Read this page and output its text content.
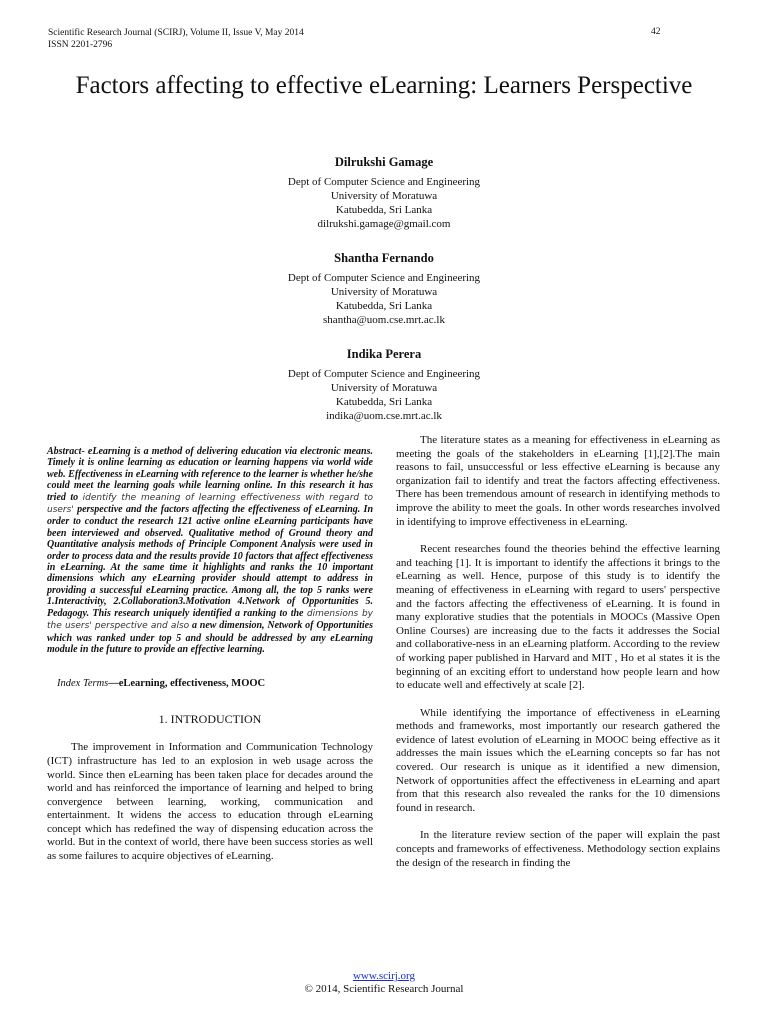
Scientific Research Journal (SCIRJ), Volume II, Issue V, May 2014
ISSN 2201-2796
42
Factors affecting to effective eLearning: Learners Perspective
Dilrukshi Gamage
Dept of Computer Science and Engineering
University of Moratuwa
Katubedda, Sri Lanka
dilrukshi.gamage@gmail.com
Shantha Fernando
Dept of Computer Science and Engineering
University of Moratuwa
Katubedda, Sri Lanka
shantha@uom.cse.mrt.ac.lk
Indika Perera
Dept of Computer Science and Engineering
University of Moratuwa
Katubedda, Sri Lanka
indika@uom.cse.mrt.ac.lk

Abstract- eLearning is a method of delivering education via electronic means. Timely it is online learning as education or learning happens via world wide web. Effectiveness in eLearning with reference to the learner is whether he/she could meet the learning goals while learning online. In this research it has tried to identify the meaning of learning effectiveness with regard to users' perspective and the factors affecting the effectiveness of eLearning. In order to conduct the research 121 active online eLearning participants have been interviewed and observed. Qualitative method of Ground theory and Quantitative analysis methods of Principle Component Analysis were used in order to process data and the results provide 10 factors that affect effectiveness in eLearning. At the same time it highlights and ranks the 10 important dimensions which any eLearning provider should attempt to address in providing a successful eLearning practice. Among all, the top 5 ranks were 1.Interactivity, 2.Collaboration3.Motivation 4.Network of Opportunities 5. Pedagogy. This research uniquely identified a ranking to the dimensions by the users' perspective and also a new dimension, Network of Opportunities which was ranked under top 5 and should be addressed by any eLearning module in the future to provide an effective learning.

Index Terms—eLearning, effectiveness, MOOC
1. INTRODUCTION

The improvement in Information and Communication Technology (ICT) infrastructure has led to an explosion in web usage across the world. Since then eLearning has been taken place for decades around the world and has reinforced the importance of learning and helped to bring convergence between learning, working, communication and entertainment. It widens the access to education through eLearning concept which has redefined the way of dispensing education across the world. But in the context of world, there have been success stories as well as some failures to acquire objectives of eLearning.

The literature states as a meaning for effectiveness in eLearning as meeting the goals of the stakeholders in eLearning [1],[2].The main reasons to fail, unsuccessful or less effective eLearning is because any organization fail to identify and treat the factors affecting effectiveness. There has been tremendous amount of research in identifying methods to improve the ability to meet the goals. In other words researches involved in identifying to improve effectiveness in eLearning.

Recent researches found the theories behind the effective learning and teaching [1]. It is important to identify the affections it brings to the eLearning as well. Hence, purpose of this study is to identify the meaning of effectiveness in eLearning with regard to users' perspective and the factors affecting the effectiveness of eLearning. It is found in many explorative studies that the potentials in MOOCs (Massive Open Online Courses) are increasing due to the facts it addresses the Social and collaborative-ness in an eLearning platform. According to the review of working paper published in Harvard and MIT , Ho et al states it is the beginning of an exciting effort to understand how people learn and how to educate well and effectively at scale [2].

While identifying the importance of effectiveness in eLearning methods and frameworks, most importantly our research gathered the evidence of latest evolution of eLearning in MOOC being effective as it addresses the main issues which the eLearning concepts so far has not covered. Our research is unique as it identified a new dimension, Network of opportunities affect the effectiveness in eLearning and apart from that this research also revealed the ranks for the 10 dimensions found in research.

In the literature review section of the paper will explain the past concepts and frameworks of effectiveness. Methodology section explains the design of the research in finding the

www.scirj.org
© 2014, Scientific Research Journal
